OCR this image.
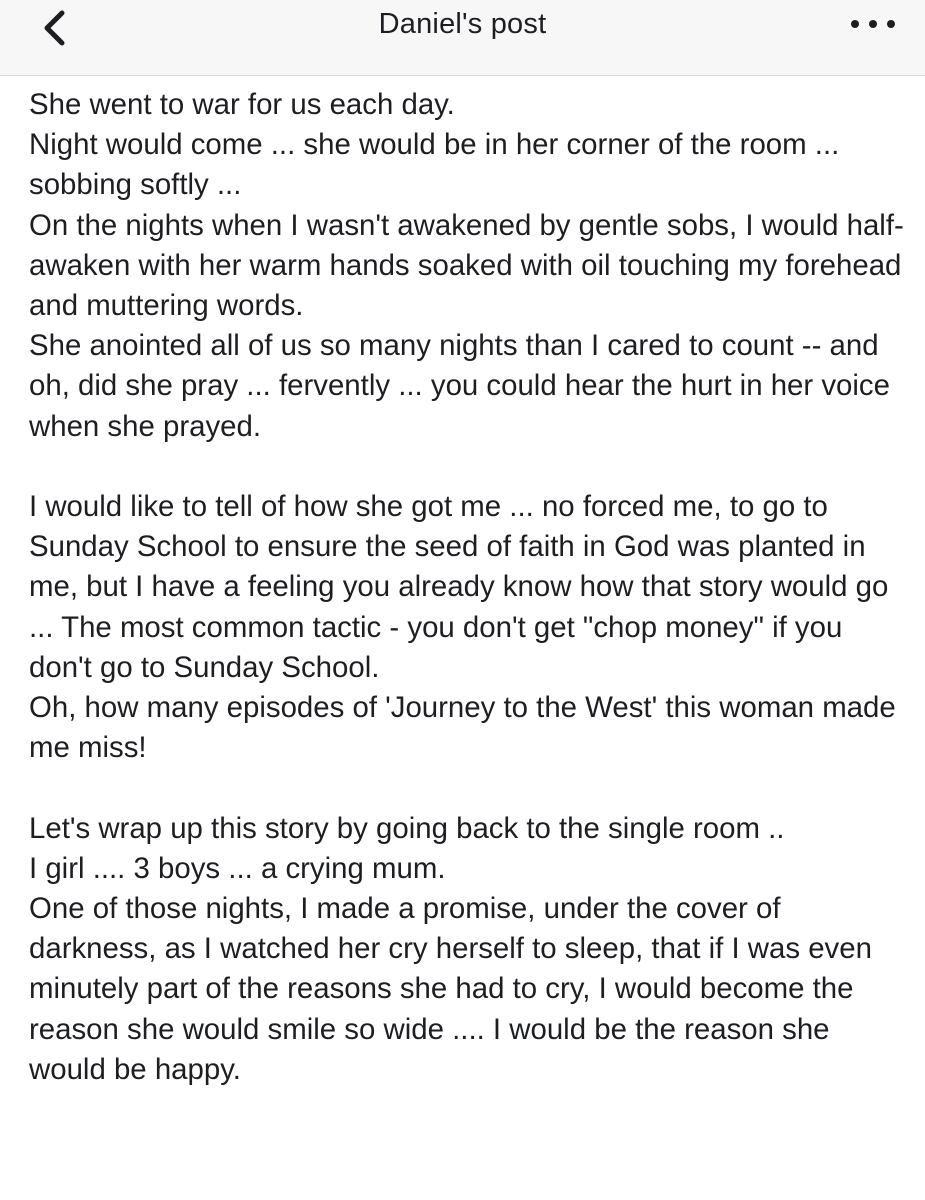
Daniel's post

She went to war for us each day.
Night would come ... she would be in her corner of the room ... sobbing softly ...
On the nights when I wasn't awakened by gentle sobs, I would half-awaken with her warm hands soaked with oil touching my forehead and muttering words.
She anointed all of us so many nights than I cared to count -- and oh, did she pray ... fervently ... you could hear the hurt in her voice when she prayed.

I would like to tell of how she got me ... no forced me, to go to Sunday School to ensure the seed of faith in God was planted in me, but I have a feeling you already know how that story would go ... The most common tactic - you don't get "chop money" if you don't go to Sunday School.
Oh, how many episodes of 'Journey to the West' this woman made me miss!

Let's wrap up this story by going back to the single room ..
I girl .... 3 boys ... a crying mum.
One of those nights, I made a promise, under the cover of darkness, as I watched her cry herself to sleep, that if I was even minutely part of the reasons she had to cry, I would become the reason she would smile so wide .... I would be the reason she would be happy.
